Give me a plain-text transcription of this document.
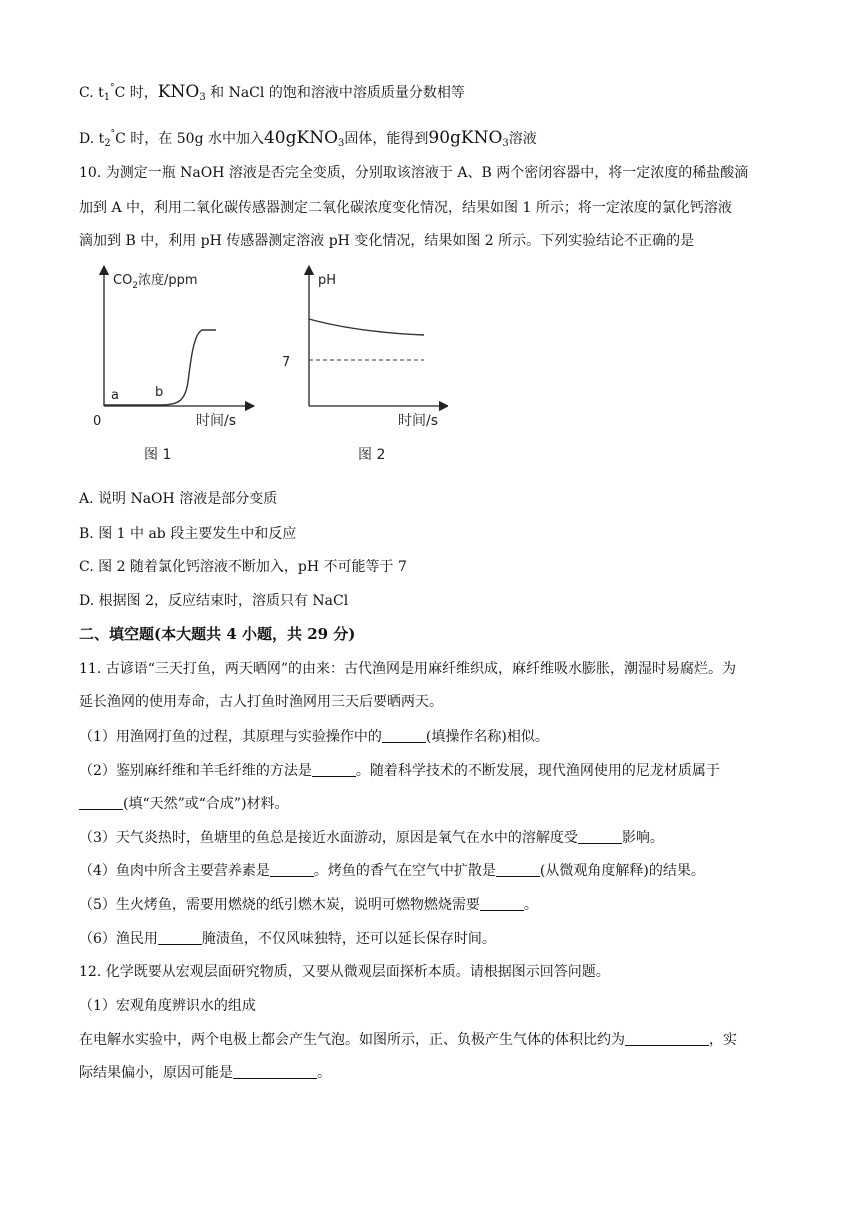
C. $t_1^\circ C$ 时，$KNO_3$ 和 NaCl 的饱和溶液中溶质质量分数相等
D. $t_2^\circ C$ 时，在 50g 水中加入40gKNO$_3$固体，能得到90gKNO$_3$溶液
10. 为测定一瓶 NaOH 溶液是否完全变质，分别取该溶液于 A、B 两个密闭容器中，将一定浓度的稀盐酸滴
加到 A 中，利用二氧化碳传感器测定二氧化碳浓度变化情况，结果如图 1 所示；将一定浓度的氯化钙溶液
滴加到 B 中，利用 pH 传感器测定溶液 pH 变化情况，结果如图 2 所示。下列实验结论不正确的是
$CO_2$浓度/ppm
a	b
0	时间/s
图 1
pH
7
时间/s
图 2
A. 说明 NaOH 溶液是部分变质
B. 图 1 中 ab 段主要发生中和反应
C. 图 2 随着氯化钙溶液不断加入，pH 不可能等于 7
D. 根据图 2，反应结束时，溶质只有 NaCl
二、填空题(本大题共 4 小题，共 29 分)
11. 古谚语“三天打鱼，两天晒网”的由来：古代渔网是用麻纤维织成，麻纤维吸水膨胀，潮湿时易腐烂。为
延长渔网的使用寿命，古人打鱼时渔网用三天后要晒两天。
（1）用渔网打鱼的过程，其原理与实验操作中的	(填操作名称)相似。
（2）鉴别麻纤维和羊毛纤维的方法是	。随着科学技术的不断发展，现代渔网使用的尼龙材质属于
(填“天然”或“合成”)材料。
（3）天气炎热时，鱼塘里的鱼总是接近水面游动，原因是氧气在水中的溶解度受	影响。
（4）鱼肉中所含主要营养素是	。烤鱼的香气在空气中扩散是	(从微观角度解释)的结果。
（5）生火烤鱼，需要用燃烧的纸引燃木炭，说明可燃物燃烧需要	。
（6）渔民用	腌渍鱼，不仅风味独特，还可以延长保存时间。
12. 化学既要从宏观层面研究物质，又要从微观层面探析本质。请根据图示回答问题。
（1）宏观角度辨识水的组成
在电解水实验中，两个电极上都会产生气泡。如图所示，正、负极产生气体的体积比约为	，实
际结果偏小，原因可能是	。
